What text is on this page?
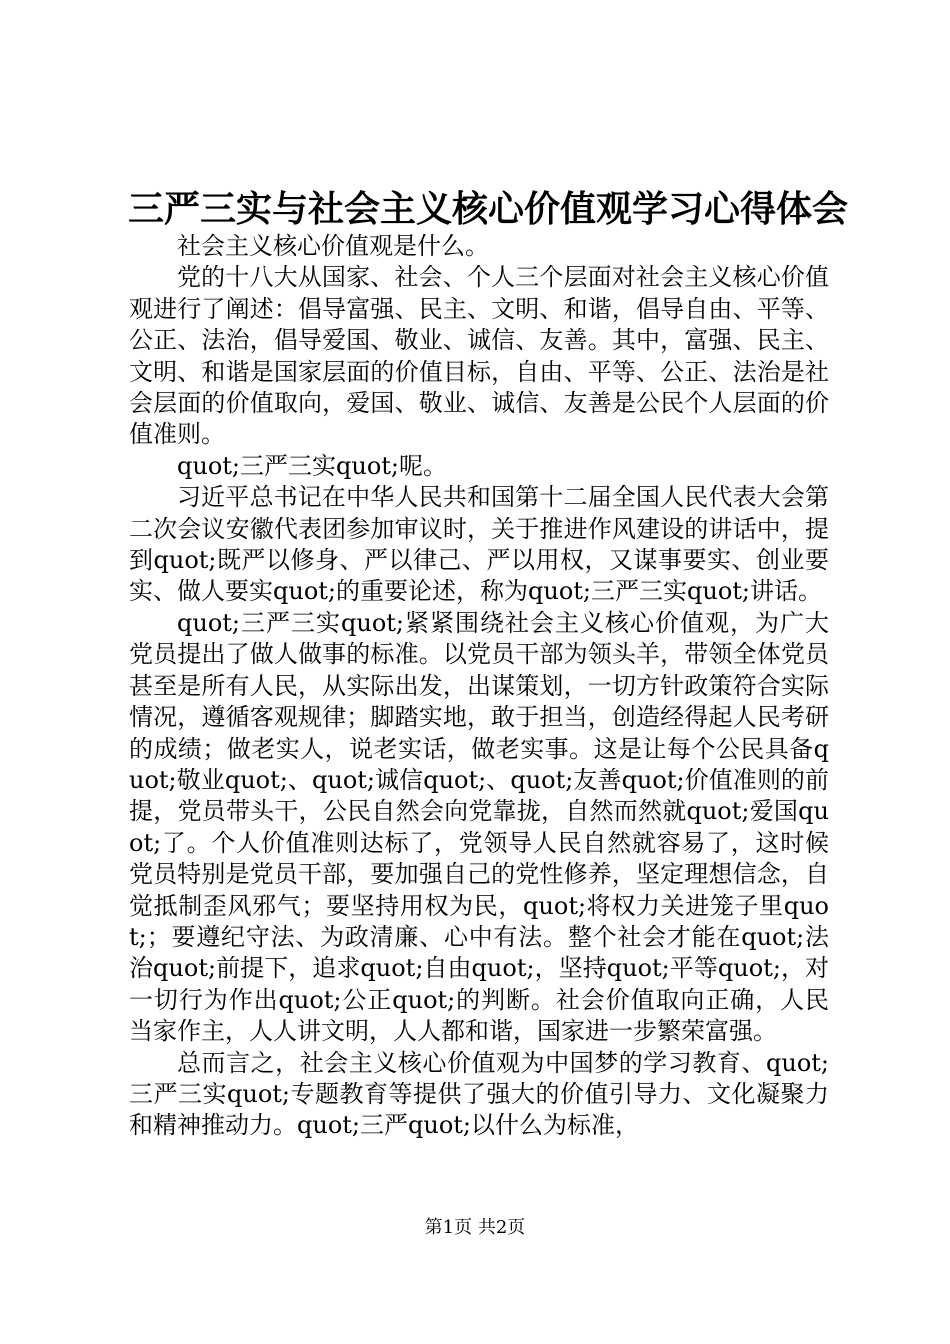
三严三实与社会主义核心价值观学习心得体会

社会主义核心价值观是什么。

党的十八大从国家、社会、个人三个层面对社会主义核心价值观进行了阐述：倡导富强、民主、文明、和谐，倡导自由、平等、公正、法治，倡导爱国、敬业、诚信、友善。其中，富强、民主、文明、和谐是国家层面的价值目标，自由、平等、公正、法治是社会层面的价值取向，爱国、敬业、诚信、友善是公民个人层面的价值准则。

quot;三严三实quot;呢。

习近平总书记在中华人民共和国第十二届全国人民代表大会第二次会议安徽代表团参加审议时，关于推进作风建设的讲话中，提到quot;既严以修身、严以律己、严以用权，又谋事要实、创业要实、做人要实quot;的重要论述，称为quot;三严三实quot;讲话。

quot;三严三实quot;紧紧围绕社会主义核心价值观，为广大党员提出了做人做事的标准。以党员干部为领头羊，带领全体党员甚至是所有人民，从实际出发，出谋策划，一切方针政策符合实际情况，遵循客观规律；脚踏实地，敢于担当，创造经得起人民考研的成绩；做老实人，说老实话，做老实事。这是让每个公民具备quot;敬业quot;、quot;诚信quot;、quot;友善quot;价值准则的前提，党员带头干，公民自然会向党靠拢，自然而然就quot;爱国quot;了。个人价值准则达标了，党领导人民自然就容易了，这时候党员特别是党员干部，要加强自己的党性修养，坚定理想信念，自觉抵制歪风邪气；要坚持用权为民，quot;将权力关进笼子里quot;；要遵纪守法、为政清廉、心中有法。整个社会才能在quot;法治quot;前提下，追求quot;自由quot;，坚持quot;平等quot;，对一切行为作出quot;公正quot;的判断。社会价值取向正确，人民当家作主，人人讲文明，人人都和谐，国家进一步繁荣富强。

总而言之，社会主义核心价值观为中国梦的学习教育、quot;三严三实quot;专题教育等提供了强大的价值引导力、文化凝聚力和精神推动力。quot;三严quot;以什么为标准，

第1页 共2页
